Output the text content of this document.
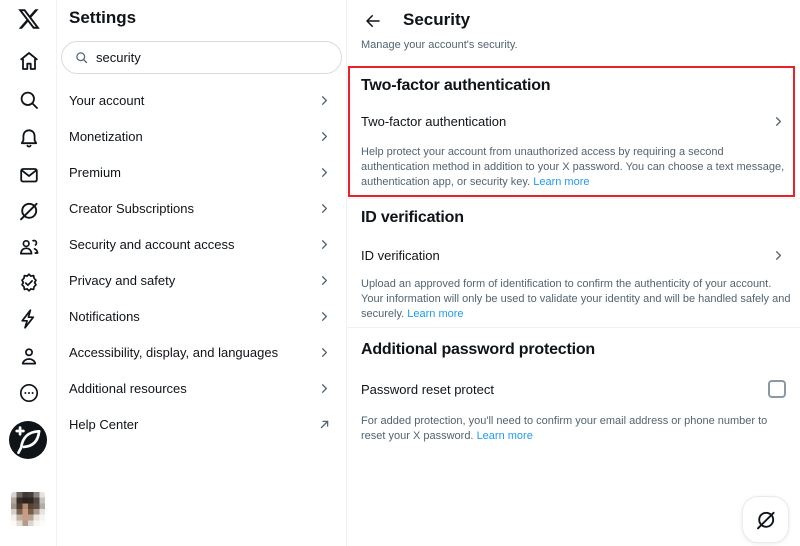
Settings
security
Your account
Monetization
Premium
Creator Subscriptions
Security and account access
Privacy and safety
Notifications
Accessibility, display, and languages
Additional resources
Help Center
Security
Manage your account's security.
Two-factor authentication
Two-factor authentication

Help protect your account from unauthorized access by requiring a second authentication method in addition to your X password. You can choose a text message, authentication app, or security key. Learn more

ID verification
ID verification

Upload an approved form of identification to confirm the authenticity of your account. Your information will only be used to validate your identity and will be handled safely and securely. Learn more

Additional password protection
Password reset protect

For added protection, you'll need to confirm your email address or phone number to reset your X password. Learn more
